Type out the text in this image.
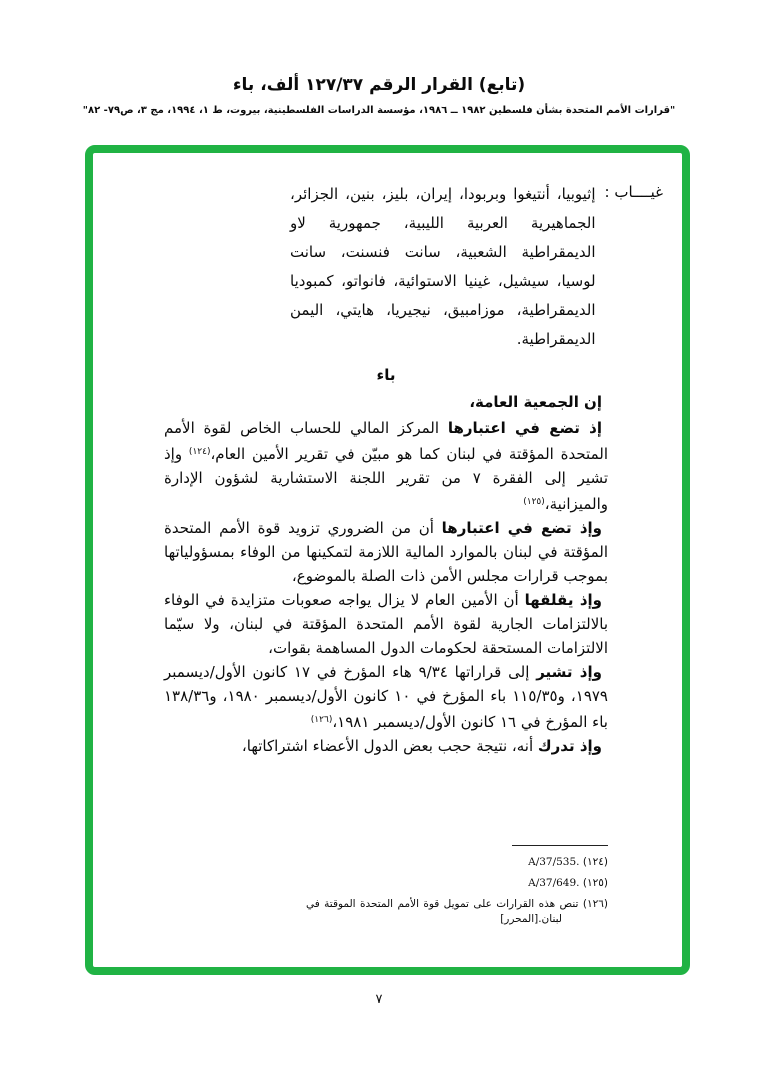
(تابع) القرار الرقم ١٢٧/٣٧ ألف، باء
"قرارات الأمم المتحدة بشأن فلسطين ١٩٨٢ ــ ١٩٨٦، مؤسسة الدراسات الفلسطينية، بيروت، ط ١، ١٩٩٤، مج ٣، ص٧٩- ٨٢"
غيــــاب :
إثيوبيا، أنتيغوا وبربودا، إيران، بليز، بنين، الجزائر، الجماهيرية العربية الليبية، جمهورية لاو الديمقراطية الشعبية، سانت فنسنت، سانت لوسيا، سيشيل، غينيا الاستوائية، فانواتو، كمبوديا الديمقراطية، موزامبيق، نيجيريا، هايتي، اليمن الديمقراطية.
باء
إن الجمعية العامة،
إذ تضع في اعتبارها المركز المالي للحساب الخاص لقوة الأمم المتحدة المؤقتة في لبنان كما هو مبيّن في تقرير الأمين العام،$^{(١٢٤)}$ وإذ تشير إلى الفقرة ٧ من تقرير اللجنة الاستشارية لشؤون الإدارة والميزانية،$^{(١٢٥)}$
وإذ تضع في اعتبارها أن من الضروري تزويد قوة الأمم المتحدة المؤقتة في لبنان بالموارد المالية اللازمة لتمكينها من الوفاء بمسؤولياتها بموجب قرارات مجلس الأمن ذات الصلة بالموضوع،
وإذ يقلقها أن الأمين العام لا يزال يواجه صعوبات متزايدة في الوفاء بالالتزامات الجارية لقوة الأمم المتحدة المؤقتة في لبنان، ولا سيّما الالتزامات المستحقة لحكومات الدول المساهمة بقوات،
وإذ تشير إلى قراراتها ٩/٣٤ هاء المؤرخ في ١٧ كانون الأول/ديسمبر ١٩٧٩، و١١٥/٣٥ باء المؤرخ في ١٠ كانون الأول/ديسمبر ١٩٨٠، و١٣٨/٣٦ باء المؤرخ في ١٦ كانون الأول/ديسمبر ١٩٨١،$^{(١٢٦)}$
وإذ تدرك أنه، نتيجة حجب بعض الدول الأعضاء اشتراكاتها،
(١٢٤) A/37/535.
(١٢٥) A/37/649.
(١٢٦) تنص هذه القرارات على تمويل قوة الأمم المتحدة الموقتة في لبنان.[المحرر]
٧
